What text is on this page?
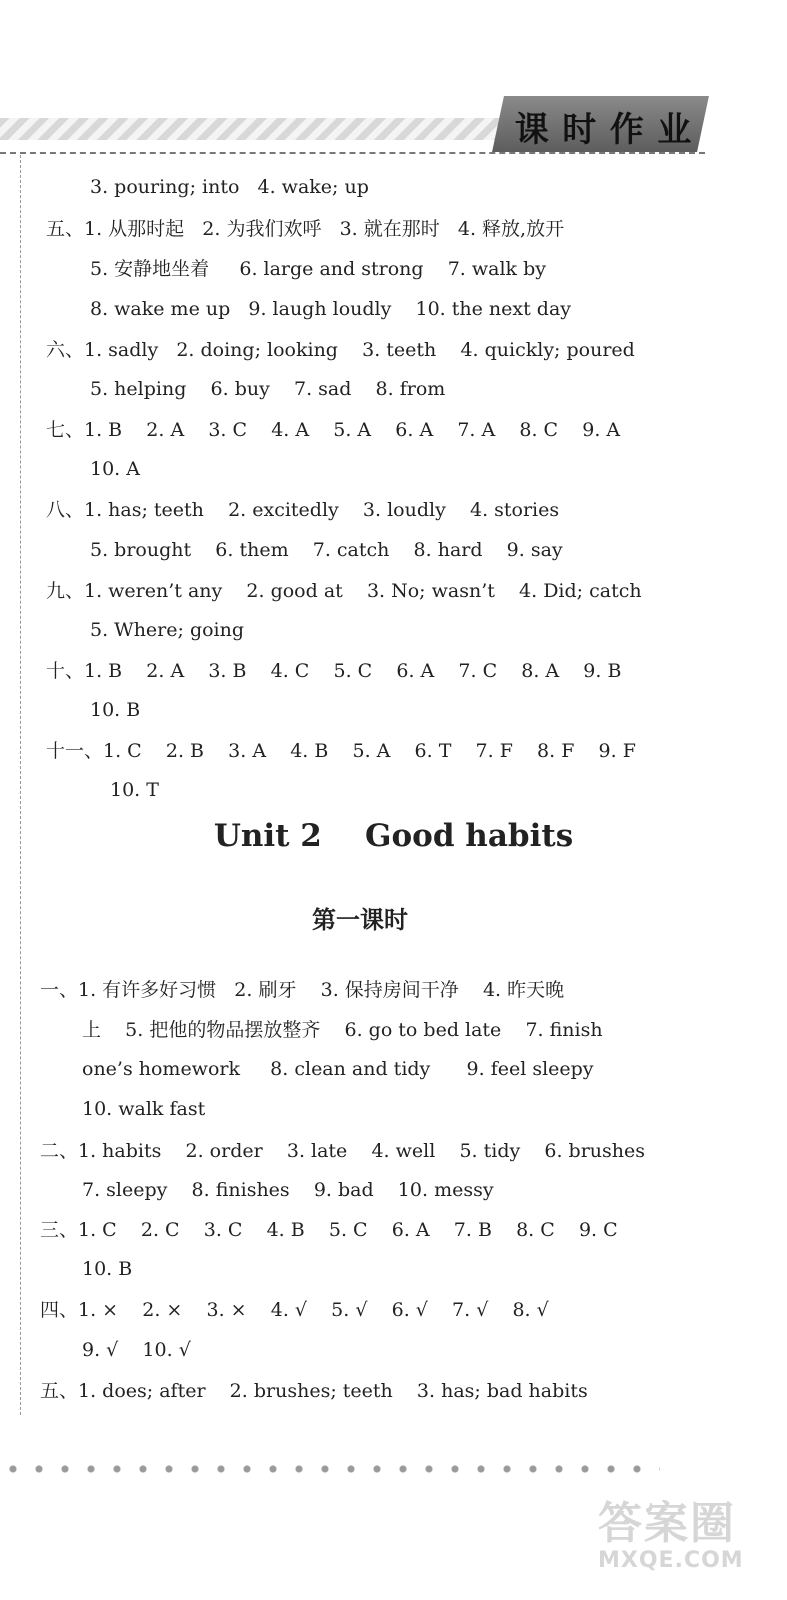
课 时 作 业
3. pouring; into   4. wake; up
五、1. 从那时起   2. 为我们欢呼   3. 就在那时   4. 释放,放开
5. 安静地坐着     6. large and strong    7. walk by
8. wake me up   9. laugh loudly    10. the next day
六、1. sadly   2. doing; looking    3. teeth    4. quickly; poured
5. helping    6. buy    7. sad    8. from
七、1. B    2. A    3. C    4. A    5. A    6. A    7. A    8. C    9. A
10. A
八、1. has; teeth    2. excitedly    3. loudly    4. stories
5. brought    6. them    7. catch    8. hard    9. say
九、1. weren’t any    2. good at    3. No; wasn’t    4. Did; catch
5. Where; going
十、1. B    2. A    3. B    4. C    5. C    6. A    7. C    8. A    9. B
10. B
十一、1. C    2. B    3. A    4. B    5. A    6. T    7. F    8. F    9. F
10. T
Unit 2    Good habits
第一课时
一、1. 有许多好习惯   2. 刷牙    3. 保持房间干净    4. 昨天晚
上    5. 把他的物品摆放整齐    6. go to bed late    7. finish
one’s homework     8. clean and tidy      9. feel sleepy
10. walk fast
二、1. habits    2. order    3. late    4. well    5. tidy    6. brushes
7. sleepy    8. finishes    9. bad    10. messy
三、1. C    2. C    3. C    4. B    5. C    6. A    7. B    8. C    9. C
10. B
四、1. ×    2. ×    3. ×    4. √    5. √    6. √    7. √    8. √
9. √    10. √
五、1. does; after    2. brushes; teeth    3. has; bad habits
答案圈
MXQE.COM
